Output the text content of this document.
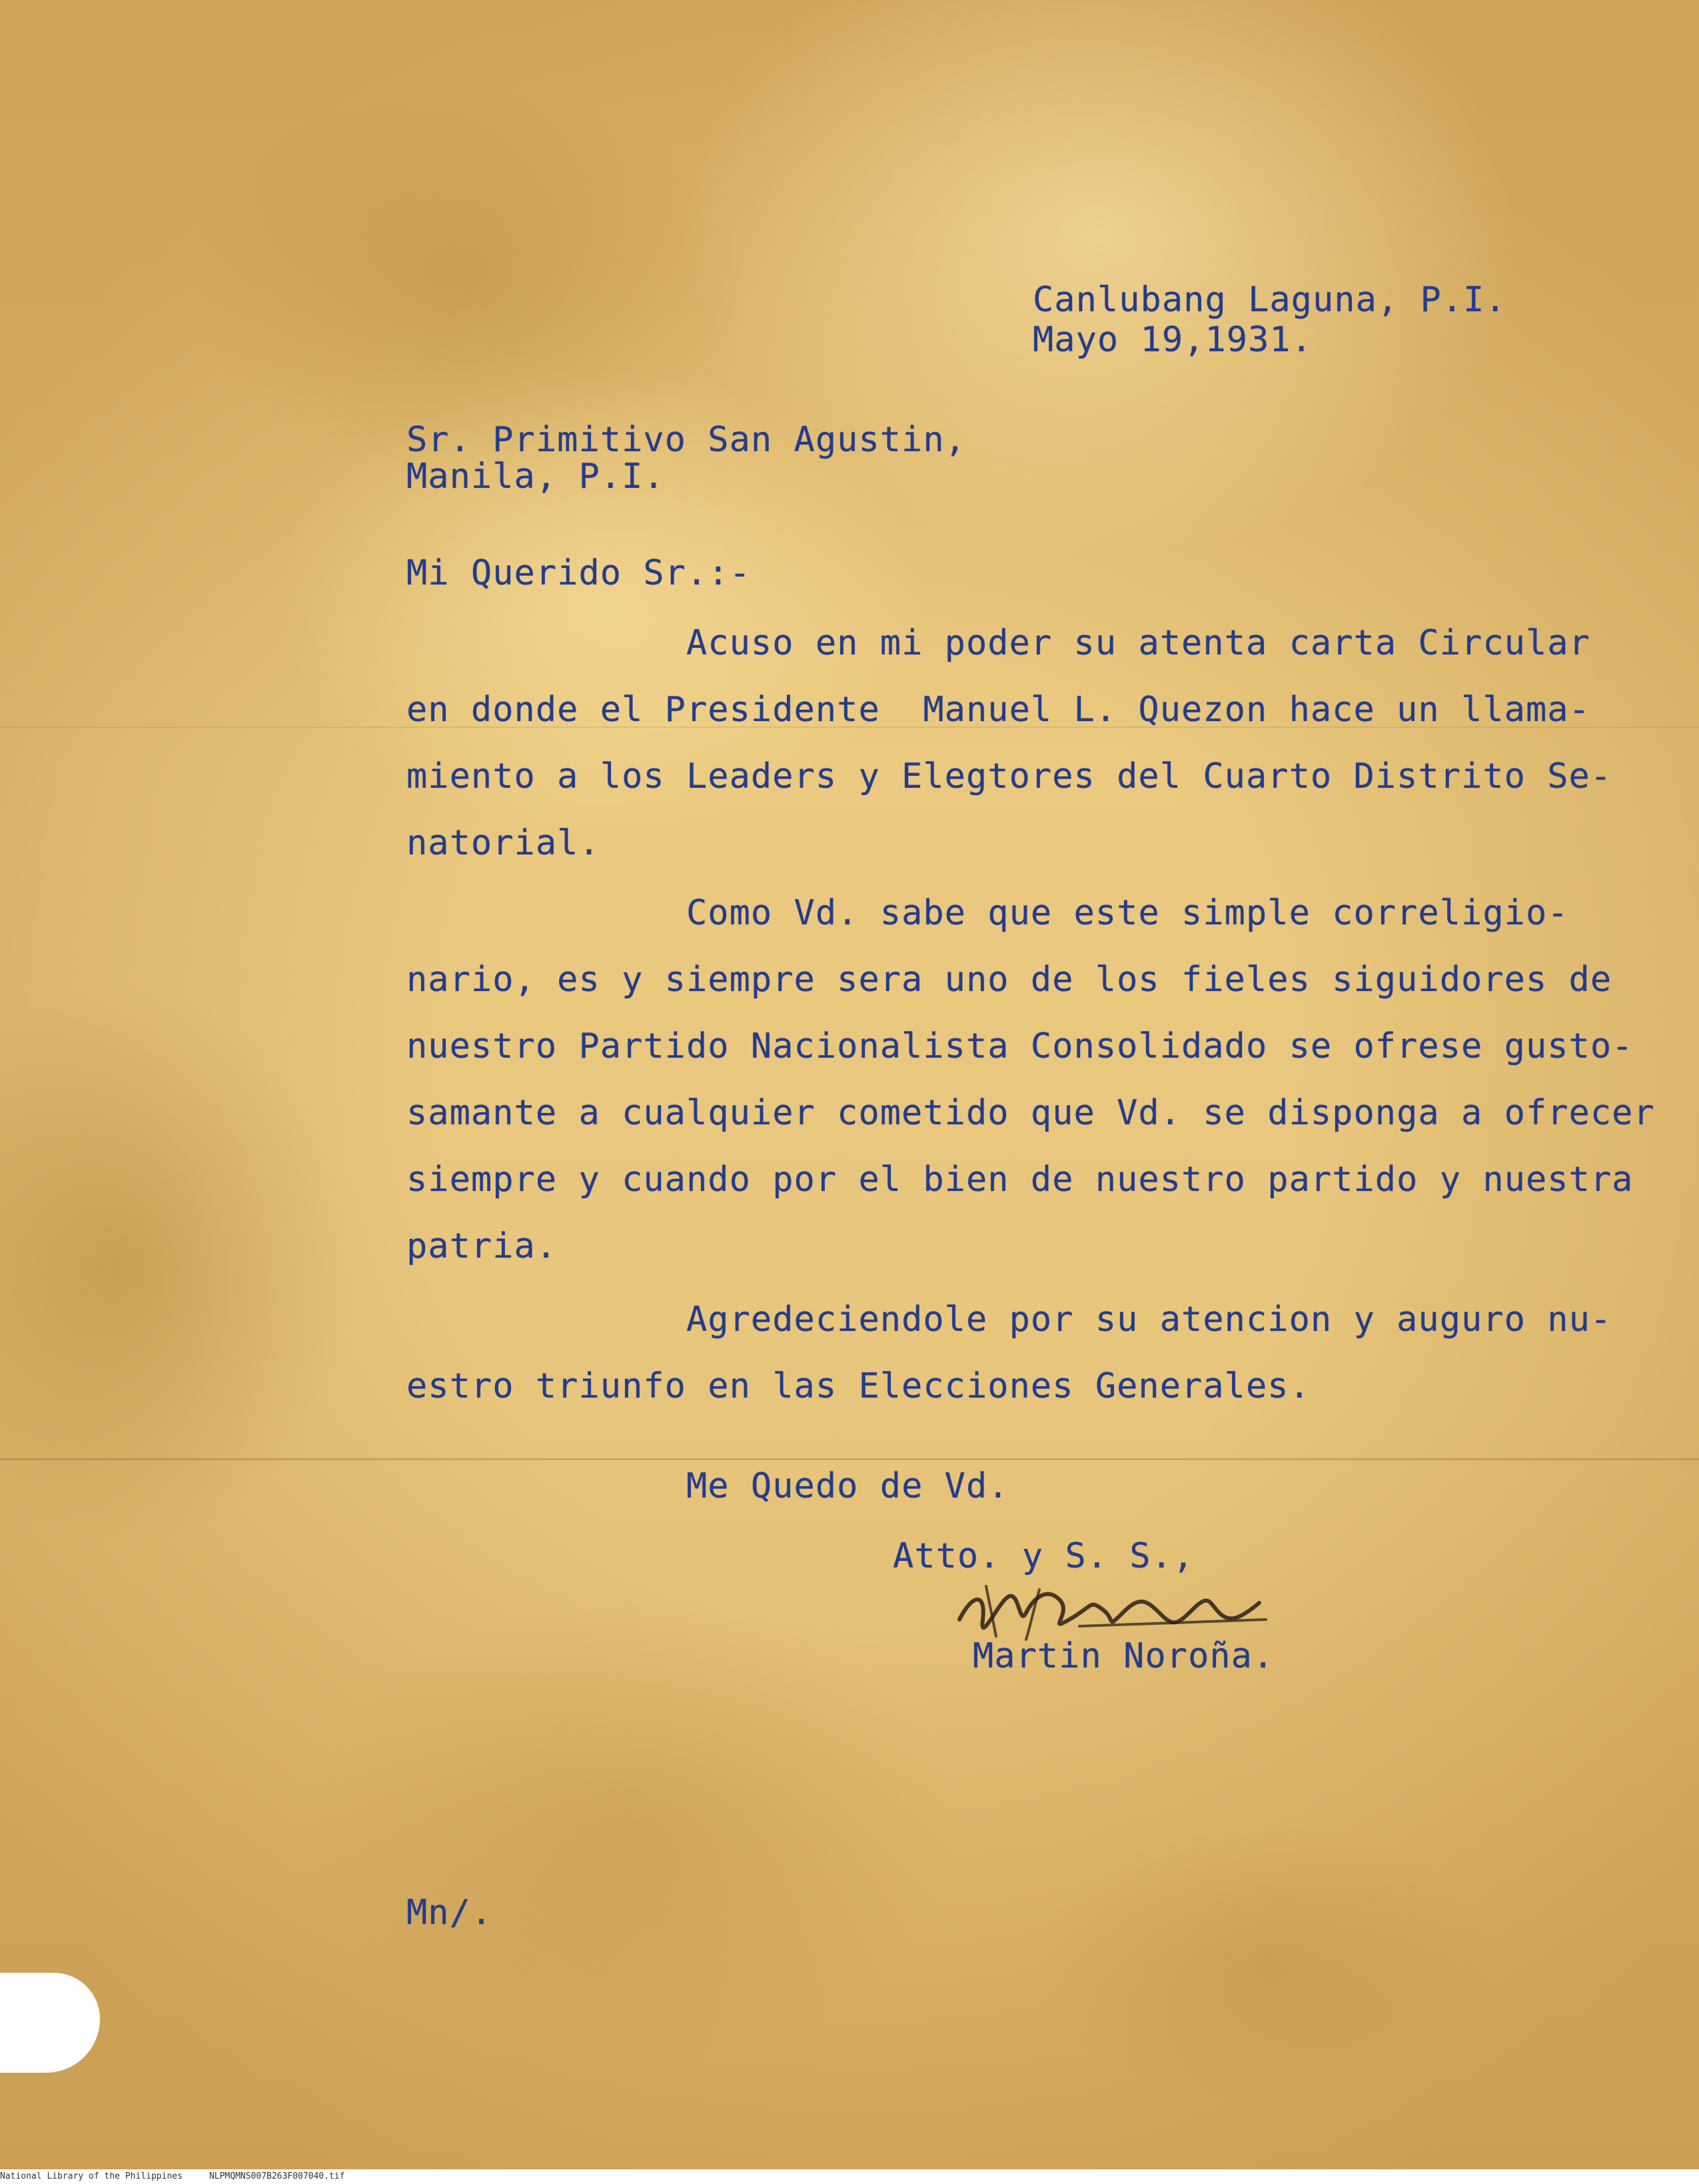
Canlubang Laguna, P.I.
Mayo 19,1931.
Sr. Primitivo San Agustin,
Manila, P.I.
Mi Querido Sr.:-
Acuso en mi poder su atenta carta Circular
en donde el Presidente  Manuel L. Quezon hace un llama-
miento a los Leaders y Elegtores del Cuarto Distrito Se-
natorial.
Como Vd. sabe que este simple correligio-
nario, es y siempre sera uno de los fieles siguidores de
nuestro Partido Nacionalista Consolidado se ofrese gusto-
samante a cualquier cometido que Vd. se disponga a ofrecer
siempre y cuando por el bien de nuestro partido y nuestra
patria.
Agredeciendole por su atencion y auguro nu-
estro triunfo en las Elecciones Generales.
Me Quedo de Vd.
Atto. y S. S.,
Martin Noroña.
Mn/.
National Library of the Philippines	NLPMQMNS007B263F007040.tif
